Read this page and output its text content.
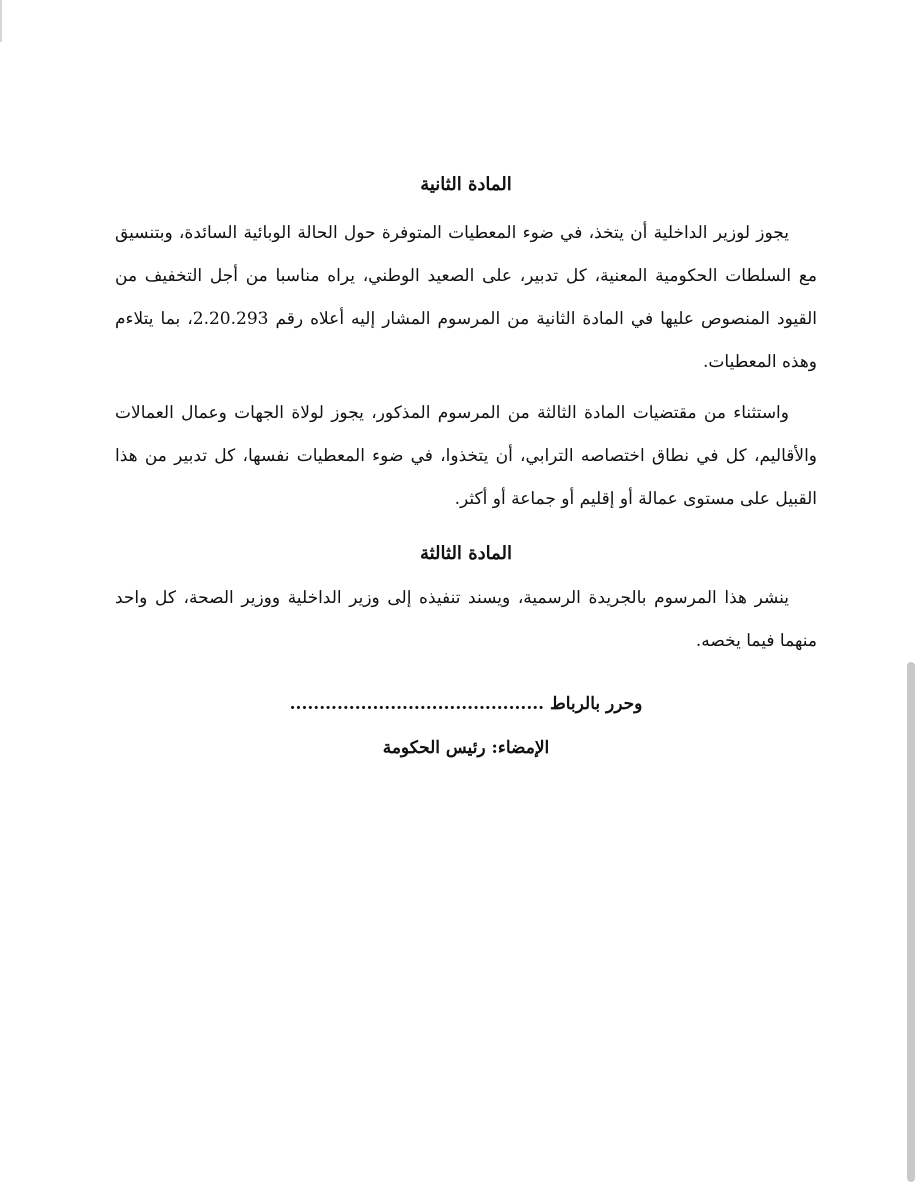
المادة الثانية

يجوز لوزير الداخلية أن يتخذ، في ضوء المعطيات المتوفرة حول الحالة الوبائية السائدة، وبتنسيق مع السلطات الحكومية المعنية، كل تدبير، على الصعيد الوطني، يراه مناسبا من أجل التخفيف من القيود المنصوص عليها في المادة الثانية من المرسوم المشار إليه أعلاه رقم 2.20.293، بما يتلاءم وهذه المعطيات.

واستثناء من مقتضيات المادة الثالثة من المرسوم المذكور، يجوز لولاة الجهات وعمال العمالات والأقاليم، كل في نطاق اختصاصه الترابي، أن يتخذوا، في ضوء المعطيات نفسها، كل تدبير من هذا القبيل على مستوى عمالة أو إقليم أو جماعة أو أكثر.

المادة الثالثة

ينشر هذا المرسوم بالجريدة الرسمية، ويسند تنفيذه إلى وزير الداخلية ووزير الصحة، كل واحد منهما فيما يخصه.

وحرر بالرباط ...........................................
الإمضاء: رئيس الحكومة
